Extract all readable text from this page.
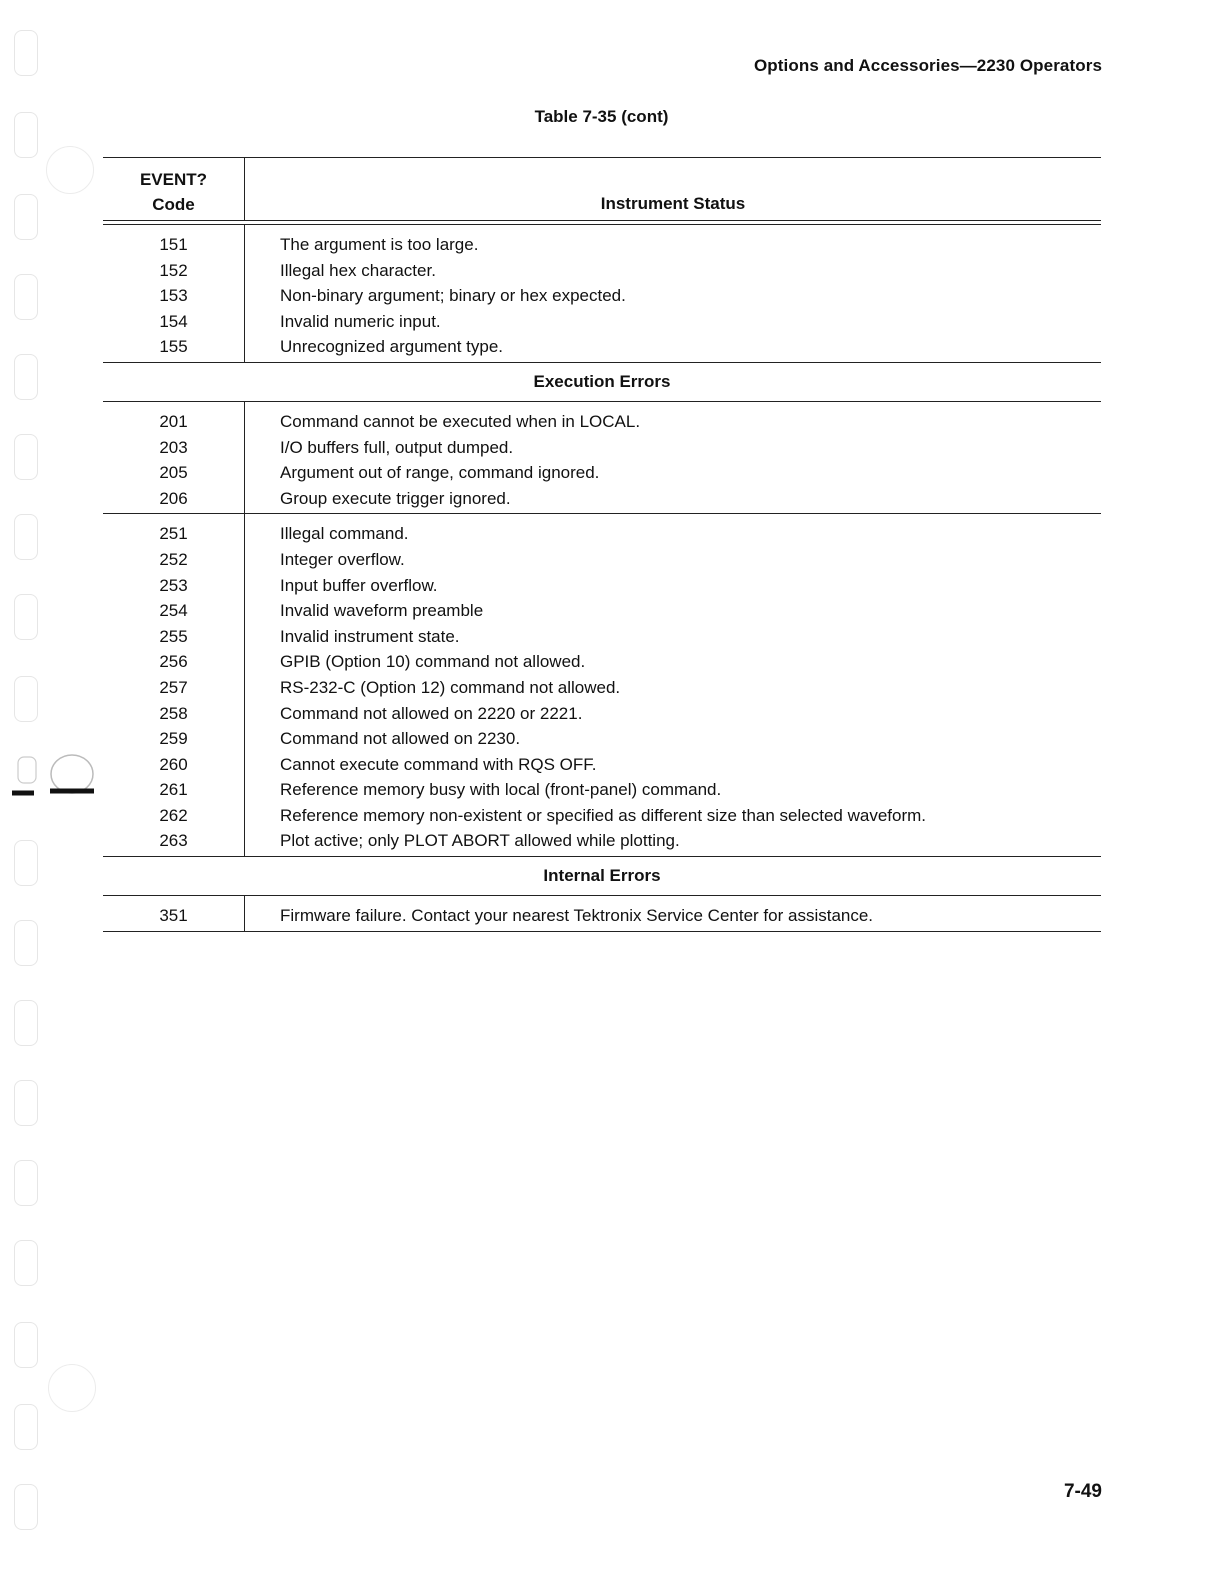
Options and Accessories—2230 Operators
Table 7-35 (cont)
EVENT?
Code	Instrument Status
151
152
153
154
155
The argument is too large.
Illegal hex character.
Non-binary argument; binary or hex expected.
Invalid numeric input.
Unrecognized argument type.
Execution Errors
201
203
205
206
Command cannot be executed when in LOCAL.
I/O buffers full, output dumped.
Argument out of range, command ignored.
Group execute trigger ignored.
251
252
253
254
255
256
257
258
259
260
261
262
263
Illegal command.
Integer overflow.
Input buffer overflow.
Invalid waveform preamble
Invalid instrument state.
GPIB (Option 10) command not allowed.
RS-232-C (Option 12) command not allowed.
Command not allowed on 2220 or 2221.
Command not allowed on 2230.
Cannot execute command with RQS OFF.
Reference memory busy with local (front-panel) command.
Reference memory non-existent or specified as different size than selected waveform.
Plot active; only PLOT ABORT allowed while plotting.
Internal Errors
351	Firmware failure. Contact your nearest Tektronix Service Center for assistance.
7-49
